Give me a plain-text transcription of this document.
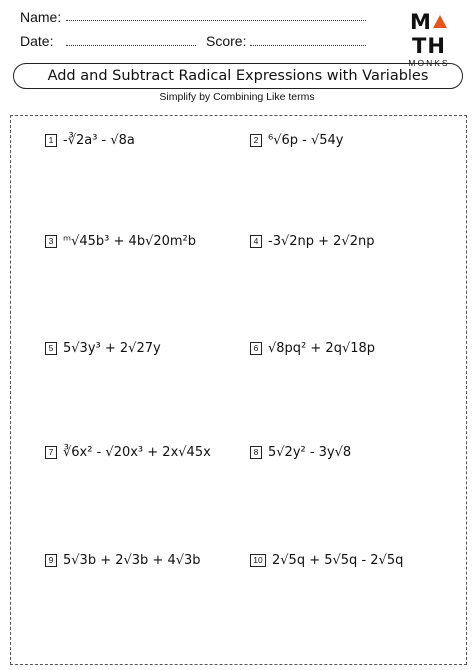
Name:
Date:	Score:
MTH
MONKS
Add and Subtract Radical Expressions with Variables
Simplify by Combining Like terms
1 -∛2a³ - √8a	2 ⁶√6p - √54y
3 ᵐ√45b³ + 4b√20m²b	4 -3√2np + 2√2np
5 5√3y³ + 2√27y	6 √8pq² + 2q√18p
7 ∛6x² - √20x³ + 2x√45x	8 5√2y² - 3y√8
9 5√3b + 2√3b + 4√3b	10 2√5q + 5√5q - 2√5q
